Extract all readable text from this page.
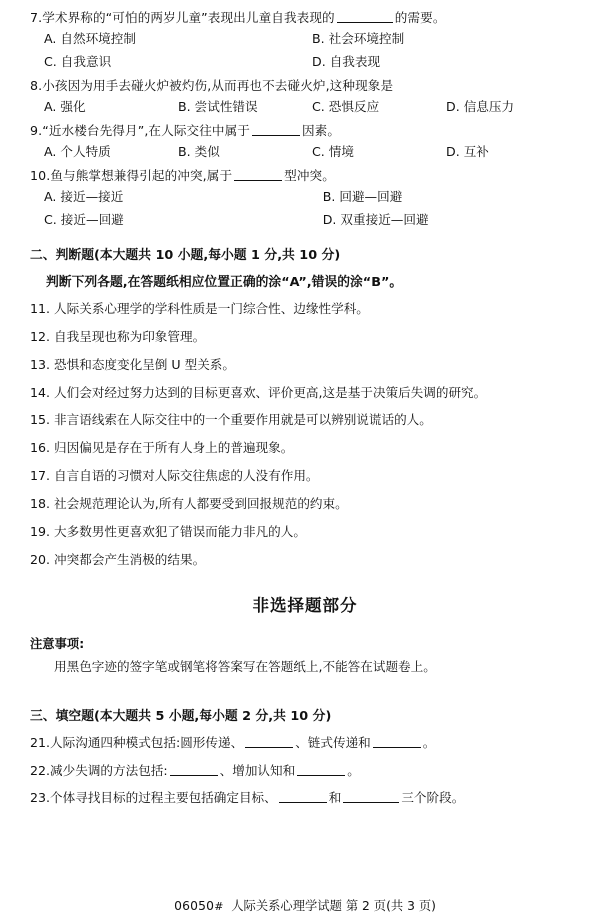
7.学术界称的“可怕的两岁儿童”表现出儿童自我表现的	的需要。
A. 自然环境控制	B. 社会环境控制
C. 自我意识	D. 自我表现
8.小孩因为用手去碰火炉被灼伤,从而再也不去碰火炉,这种现象是
A. 强化	B. 尝试性错误	C. 恐惧反应	D. 信息压力
9.“近水楼台先得月”,在人际交往中属于	因素。
A. 个人特质	B. 类似	C. 情境	D. 互补
10.鱼与熊掌想兼得引起的冲突,属于	型冲突。
A. 接近—接近	B. 回避—回避
C. 接近—回避	D. 双重接近—回避
二、判断题(本大题共 10 小题,每小题 1 分,共 10 分)
判断下列各题,在答题纸相应位置正确的涂“A”,错误的涂“B”。
11. 人际关系心理学的学科性质是一门综合性、边缘性学科。
12. 自我呈现也称为印象管理。
13. 恐惧和态度变化呈倒 U 型关系。
14. 人们会对经过努力达到的目标更喜欢、评价更高,这是基于决策后失调的研究。
15. 非言语线索在人际交往中的一个重要作用就是可以辨别说谎话的人。
16. 归因偏见是存在于所有人身上的普遍现象。
17. 自言自语的习惯对人际交往焦虑的人没有作用。
18. 社会规范理论认为,所有人都要受到回报规范的约束。
19. 大多数男性更喜欢犯了错误而能力非凡的人。
20. 冲突都会产生消极的结果。
非选择题部分
注意事项:
用黑色字迹的签字笔或钢笔将答案写在答题纸上,不能答在试题卷上。
三、填空题(本大题共 5 小题,每小题 2 分,共 10 分)
21.人际沟通四种模式包括:圆形传递、	、链式传递和	。
22.减少失调的方法包括:	、增加认知和	。
23.个体寻找目标的过程主要包括确定目标、	和	三个阶段。
06050# 人际关系心理学试题 第 2 页(共 3 页)
